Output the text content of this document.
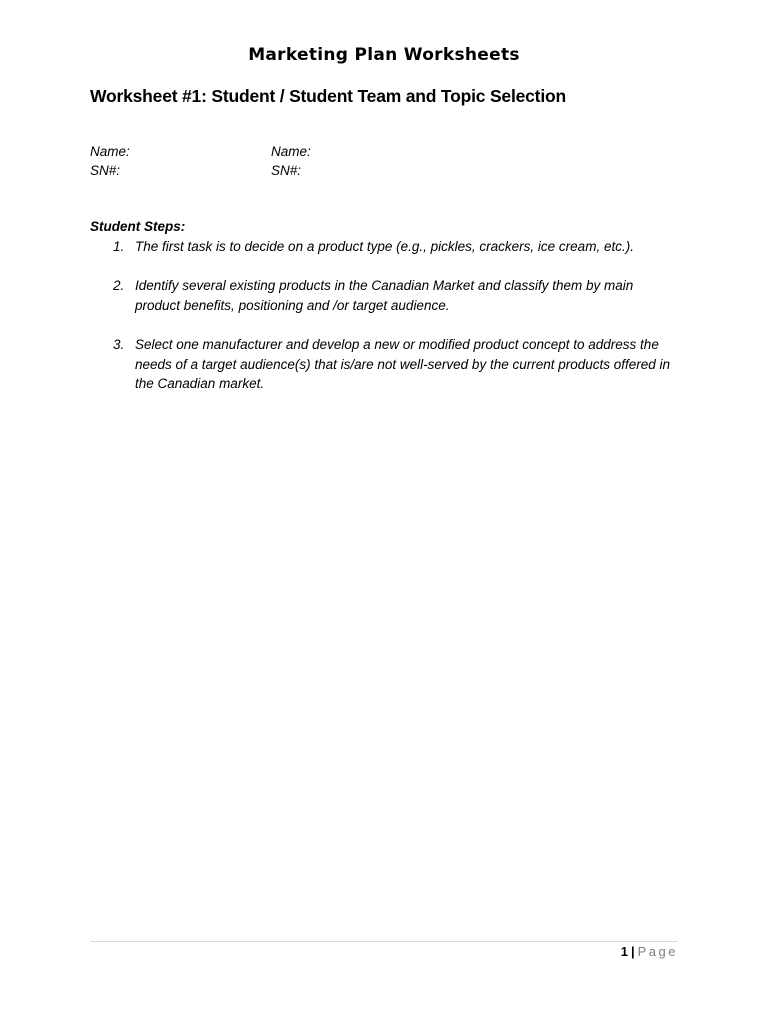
Marketing Plan Worksheets
Worksheet #1: Student / Student Team and Topic Selection
Name:
SN#:
Name:
SN#:
Student Steps:
1. The first task is to decide on a product type (e.g., pickles, crackers, ice cream, etc.).
2. Identify several existing products in the Canadian Market and classify them by main product benefits, positioning and /or target audience.
3. Select one manufacturer and develop a new or modified product concept to address the needs of a target audience(s) that is/are not well-served by the current products offered in the Canadian market.
1 | Page
